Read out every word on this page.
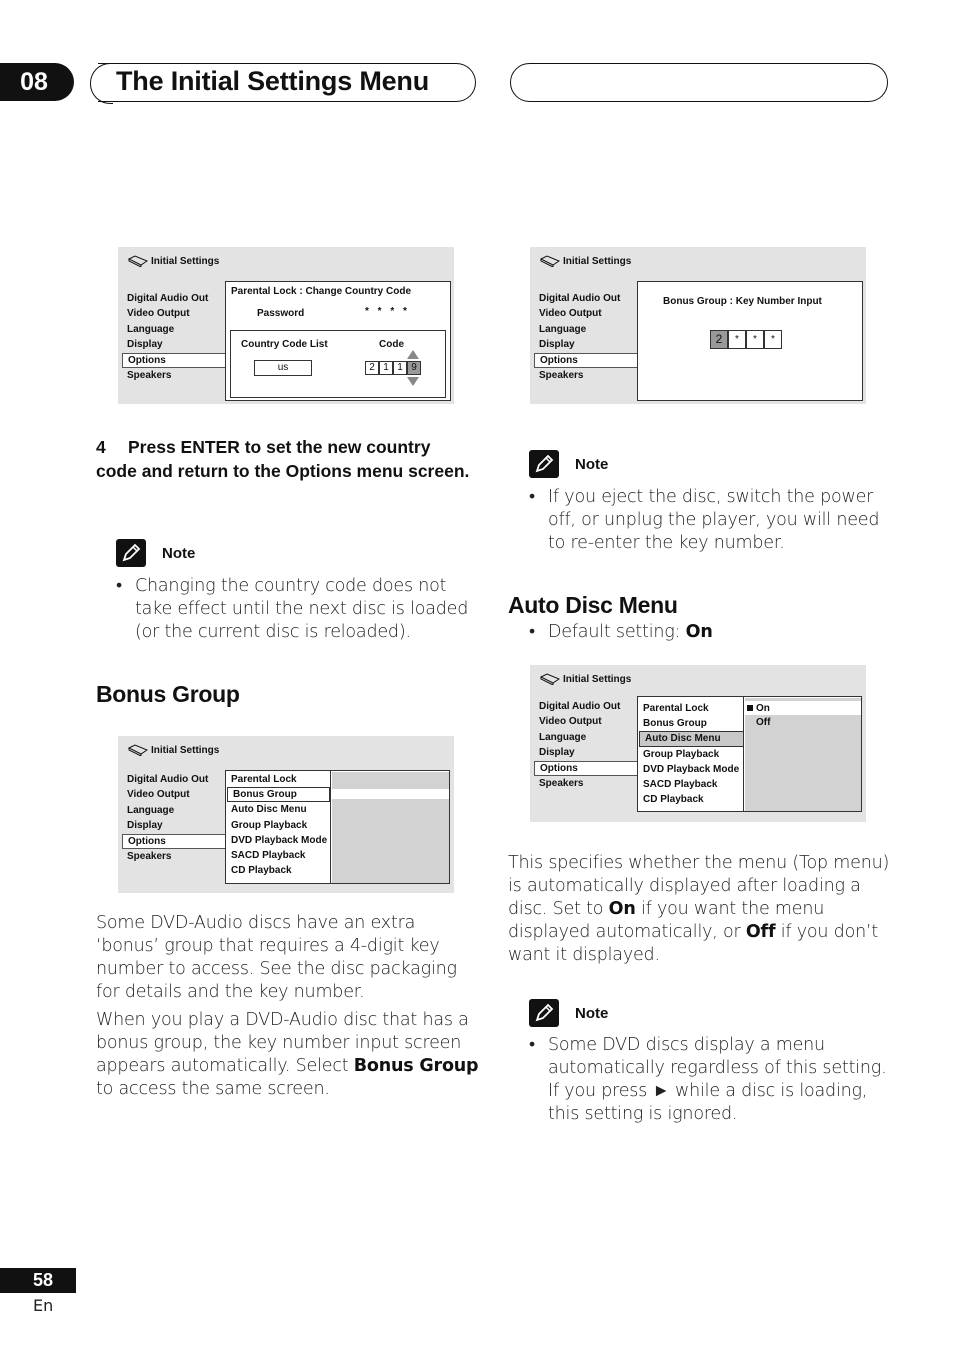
08	The Initial Settings Menu
Initial Settings
Digital Audio Out
Video Output
Language
Display
Options
Speakers
Parental Lock : Change Country Code
Password	* * * *
Country Code List	Code
us	2 1 1 9
Initial Settings
Digital Audio Out
Video Output
Language
Display
Options
Speakers
Bonus Group : Key Number Input
2	*	*	*
4 Press ENTER to set the new country code and return to the Options menu screen.
Note
• Changing the country code does not take effect until the next disc is loaded (or the current disc is reloaded).
Bonus Group
Initial Settings
Digital Audio Out
Video Output
Language
Display
Options
Speakers
Parental Lock
Bonus Group
Auto Disc Menu
Group Playback
DVD Playback Mode
SACD Playback
CD Playback
Some DVD-Audio discs have an extra ‘bonus’ group that requires a 4-digit key number to access. See the disc packaging for details and the key number.
When you play a DVD-Audio disc that has a bonus group, the key number input screen appears automatically. Select Bonus Group to access the same screen.
Note
• If you eject the disc, switch the power off, or unplug the player, you will need to re-enter the key number.
Auto Disc Menu
• Default setting: On
Initial Settings
Digital Audio Out
Video Output
Language
Display
Options
Speakers
Parental Lock
Bonus Group
Auto Disc Menu
Group Playback
DVD Playback Mode
SACD Playback
CD Playback
On
Off
This specifies whether the menu (Top menu) is automatically displayed after loading a disc. Set to On if you want the menu displayed automatically, or Off if you don’t want it displayed.
Note
• Some DVD discs display a menu automatically regardless of this setting. If you press ► while a disc is loading, this setting is ignored.
58
En
